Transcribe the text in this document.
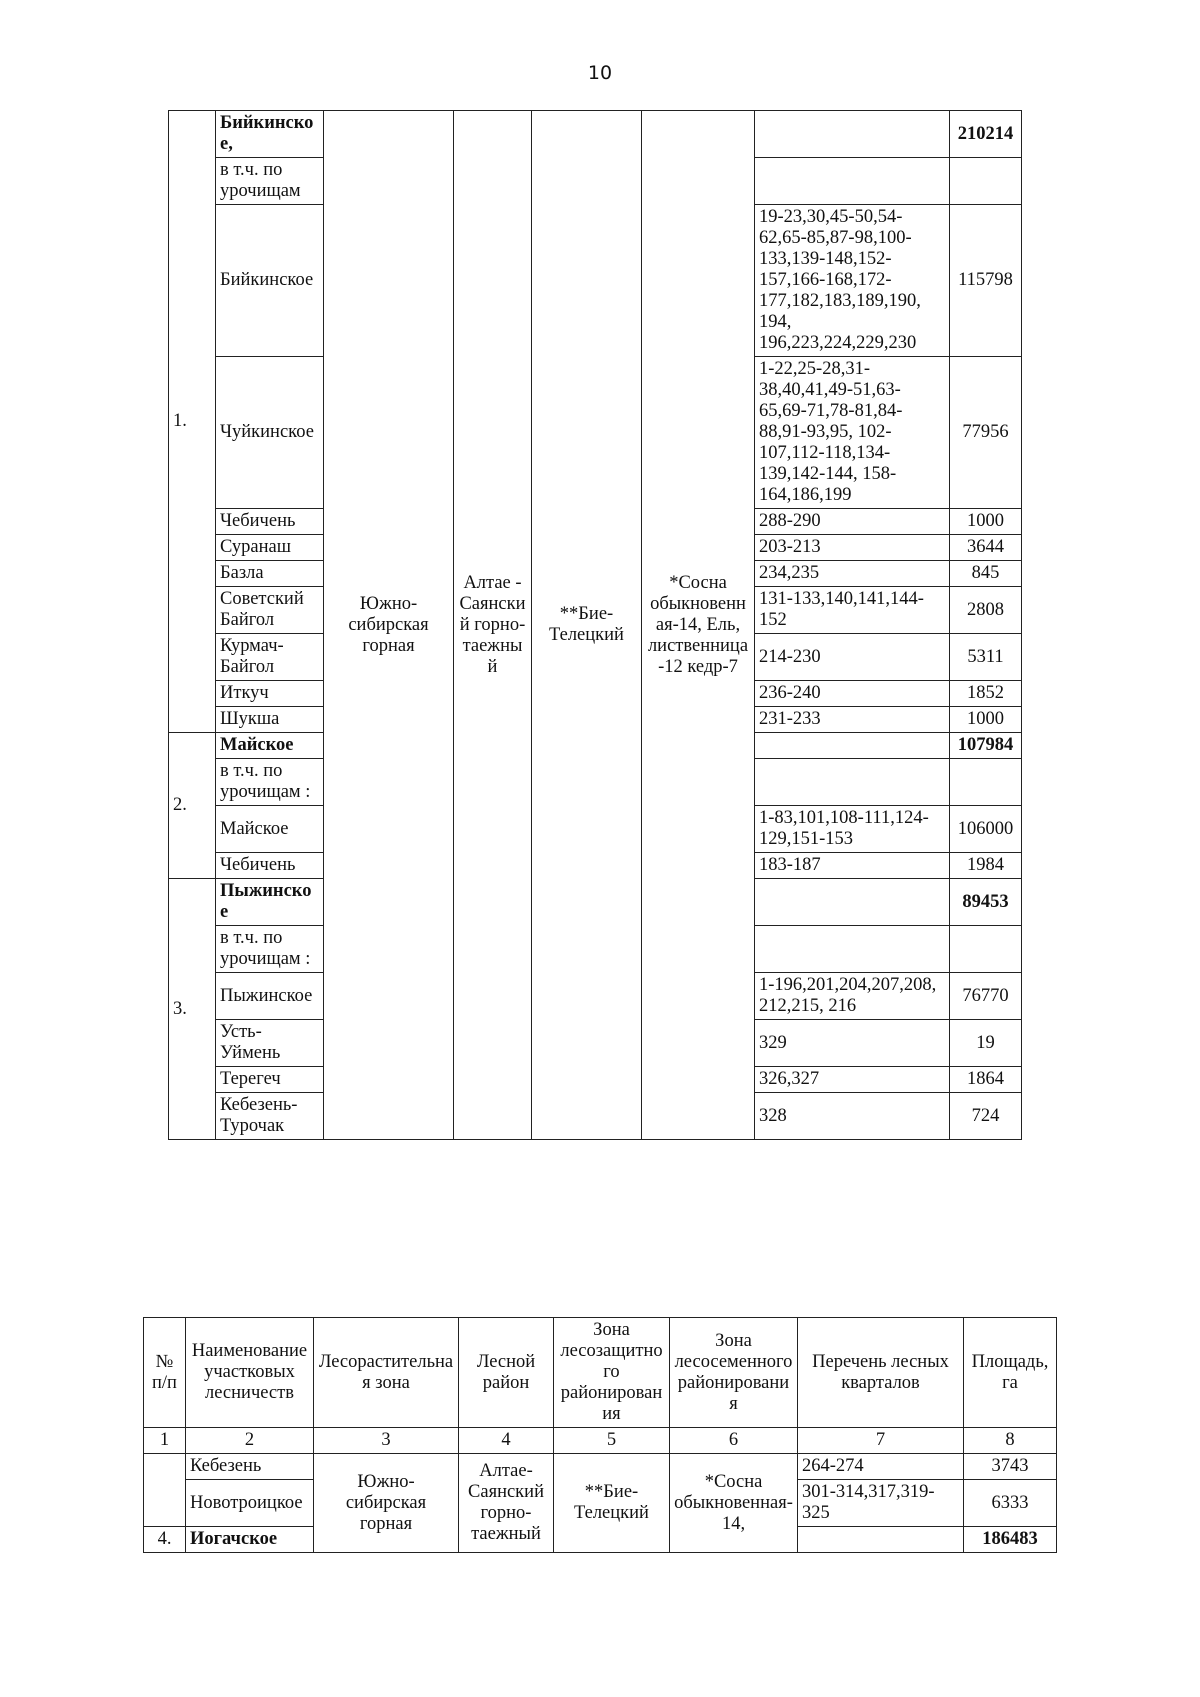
10
1.	Бийкинское,	Южно-сибирская горная	Алтае - Саянский горно-таежный	**Бие-Телецкий	*Сосна обыкновенная-14, Ель, лиственница-12 кедр-7		210214
	в т.ч. по урочищам						
	Бийкинское					19-23,30,45-50,54-62,65-85,87-98,100-133,139-148,152-157,166-168,172-177,182,183,189,190, 194, 196,223,224,229,230	115798
	Чуйкинское					1-22,25-28,31-38,40,41,49-51,63-65,69-71,78-81,84-88,91-93,95, 102-107,112-118,134-139,142-144, 158-164,186,199	77956
	Чебичень					288-290	1000
	Суранаш					203-213	3644
	Базла					234,235	845
	Советский Байгол					131-133,140,141,144-152	2808
	Курмач-Байгол					214-230	5311
	Иткуч					236-240	1852
	Шукша					231-233	1000
2.	Майское						107984
	в т.ч. по урочищам :						
	Майское					1-83,101,108-111,124-129,151-153	106000
	Чебичень					183-187	1984
3.	Пыжинское						89453
	в т.ч. по урочищам :						
	Пыжинское					1-196,201,204,207,208, 212,215, 216	76770
	Усть-Уймень					329	19
	Терегеч					326,327	1864
	Кебезень-Турочак					328	724
№ п/п	Наименование участковых лесничеств	Лесорастительная зона	Лесной район	Зона лесозащитного районирования	Зона лесосеменного районирования	Перечень лесных кварталов	Площадь, га
1	2	3	4	5	6	7	8
	Кебезень	Южно-сибирская горная	Алтае-Саянский горно-таежный	**Бие-Телецкий	*Сосна обыкновенная-14,	264-274	3743
	Новотроицкое					301-314,317,319-325	6333
4.	Иогачское						186483
